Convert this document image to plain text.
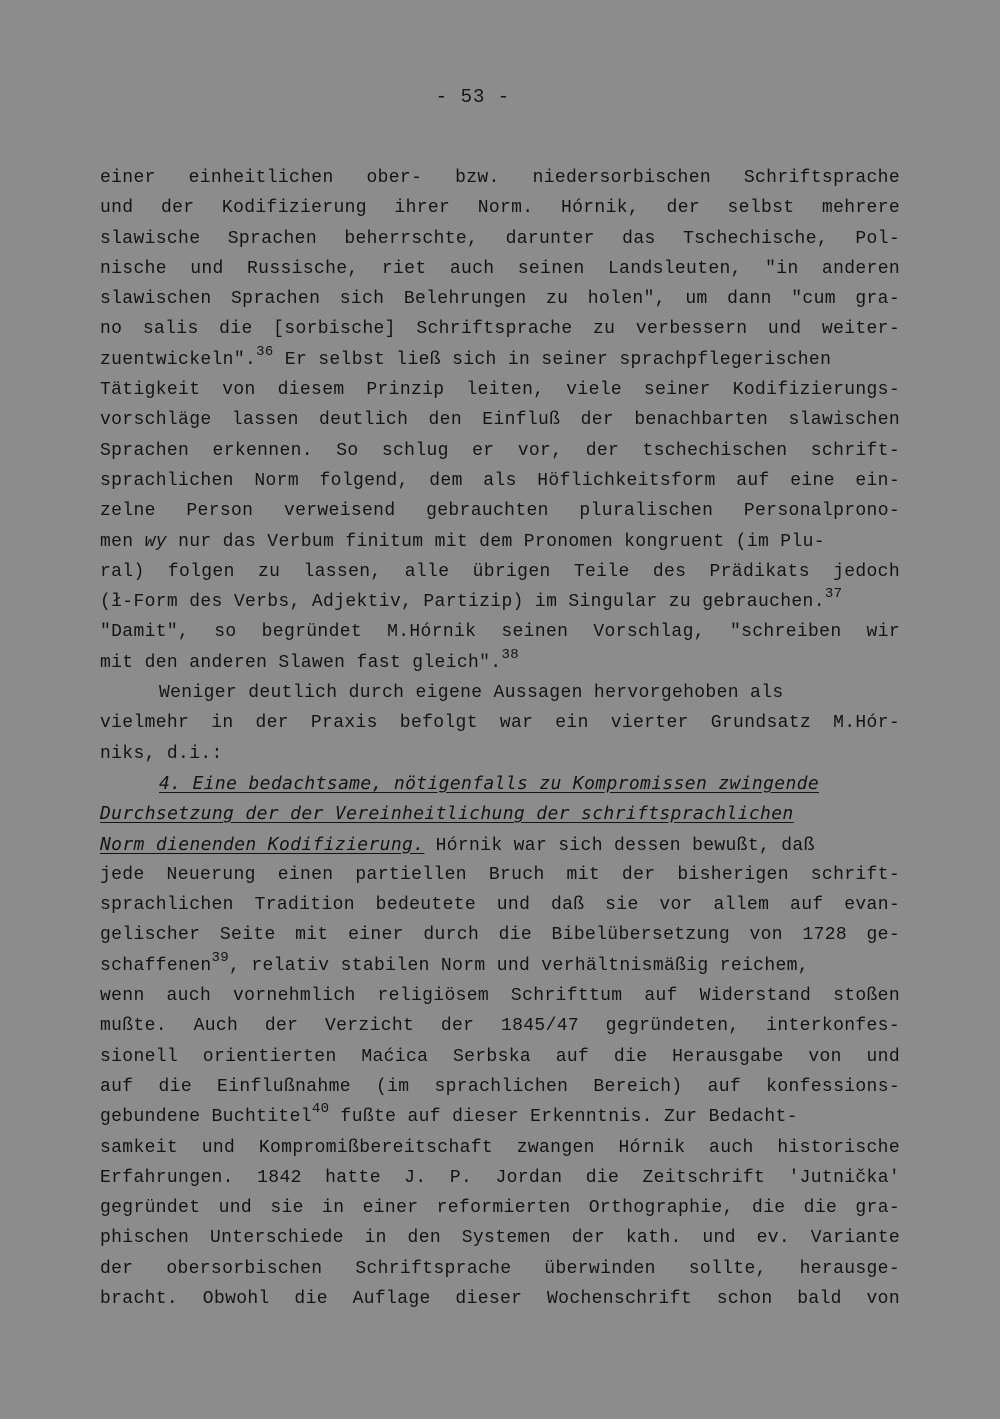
- 53 -
einer einheitlichen ober- bzw. niedersorbischen Schriftsprache
und der Kodifizierung ihrer Norm. Hórnik, der selbst mehrere
slawische Sprachen beherrschte, darunter das Tschechische, Pol-
nische und Russische, riet auch seinen Landsleuten, "in anderen
slawischen Sprachen sich Belehrungen zu holen", um dann "cum gra-
no salis die [sorbische] Schriftsprache zu verbessern und weiter-
zuentwickeln".$^{36}$ Er selbst ließ sich in seiner sprachpflegerischen
Tätigkeit von diesem Prinzip leiten, viele seiner Kodifizierungs-
vorschläge lassen deutlich den Einfluß der benachbarten slawischen
Sprachen erkennen. So schlug er vor, der tschechischen schrift-
sprachlichen Norm folgend, dem als Höflichkeitsform auf eine ein-
zelne Person verweisend gebrauchten pluralischen Personalprono-
men wy nur das Verbum finitum mit dem Pronomen kongruent (im Plu-
ral) folgen zu lassen, alle übrigen Teile des Prädikats jedoch
(ł-Form des Verbs, Adjektiv, Partizip) im Singular zu gebrauchen.$^{37}$
"Damit", so begründet M.Hórnik seinen Vorschlag, "schreiben wir
mit den anderen Slawen fast gleich".$^{38}$
Weniger deutlich durch eigene Aussagen hervorgehoben als
vielmehr in der Praxis befolgt war ein vierter Grundsatz M.Hór-
niks, d.i.:
4. Eine bedachtsame, nötigenfalls zu Kompromissen zwingende
Durchsetzung der der Vereinheitlichung der schriftsprachlichen
Norm dienenden Kodifizierung. Hórnik war sich dessen bewußt, daß
jede Neuerung einen partiellen Bruch mit der bisherigen schrift-
sprachlichen Tradition bedeutete und daß sie vor allem auf evan-
gelischer Seite mit einer durch die Bibelübersetzung von 1728 ge-
schaffenen$^{39}$, relativ stabilen Norm und verhältnismäßig reichem,
wenn auch vornehmlich religiösem Schrifttum auf Widerstand stoßen
mußte. Auch der Verzicht der 1845/47 gegründeten, interkonfes-
sionell orientierten Maćica Serbska auf die Herausgabe von und
auf die Einflußnahme (im sprachlichen Bereich) auf konfessions-
gebundene Buchtitel$^{40}$ fußte auf dieser Erkenntnis. Zur Bedacht-
samkeit und Kompromißbereitschaft zwangen Hórnik auch historische
Erfahrungen. 1842 hatte J. P. Jordan die Zeitschrift 'Jutnička'
gegründet und sie in einer reformierten Orthographie, die die gra-
phischen Unterschiede in den Systemen der kath. und ev. Variante
der obersorbischen Schriftsprache überwinden sollte, herausge-
bracht. Obwohl die Auflage dieser Wochenschrift schon bald von
